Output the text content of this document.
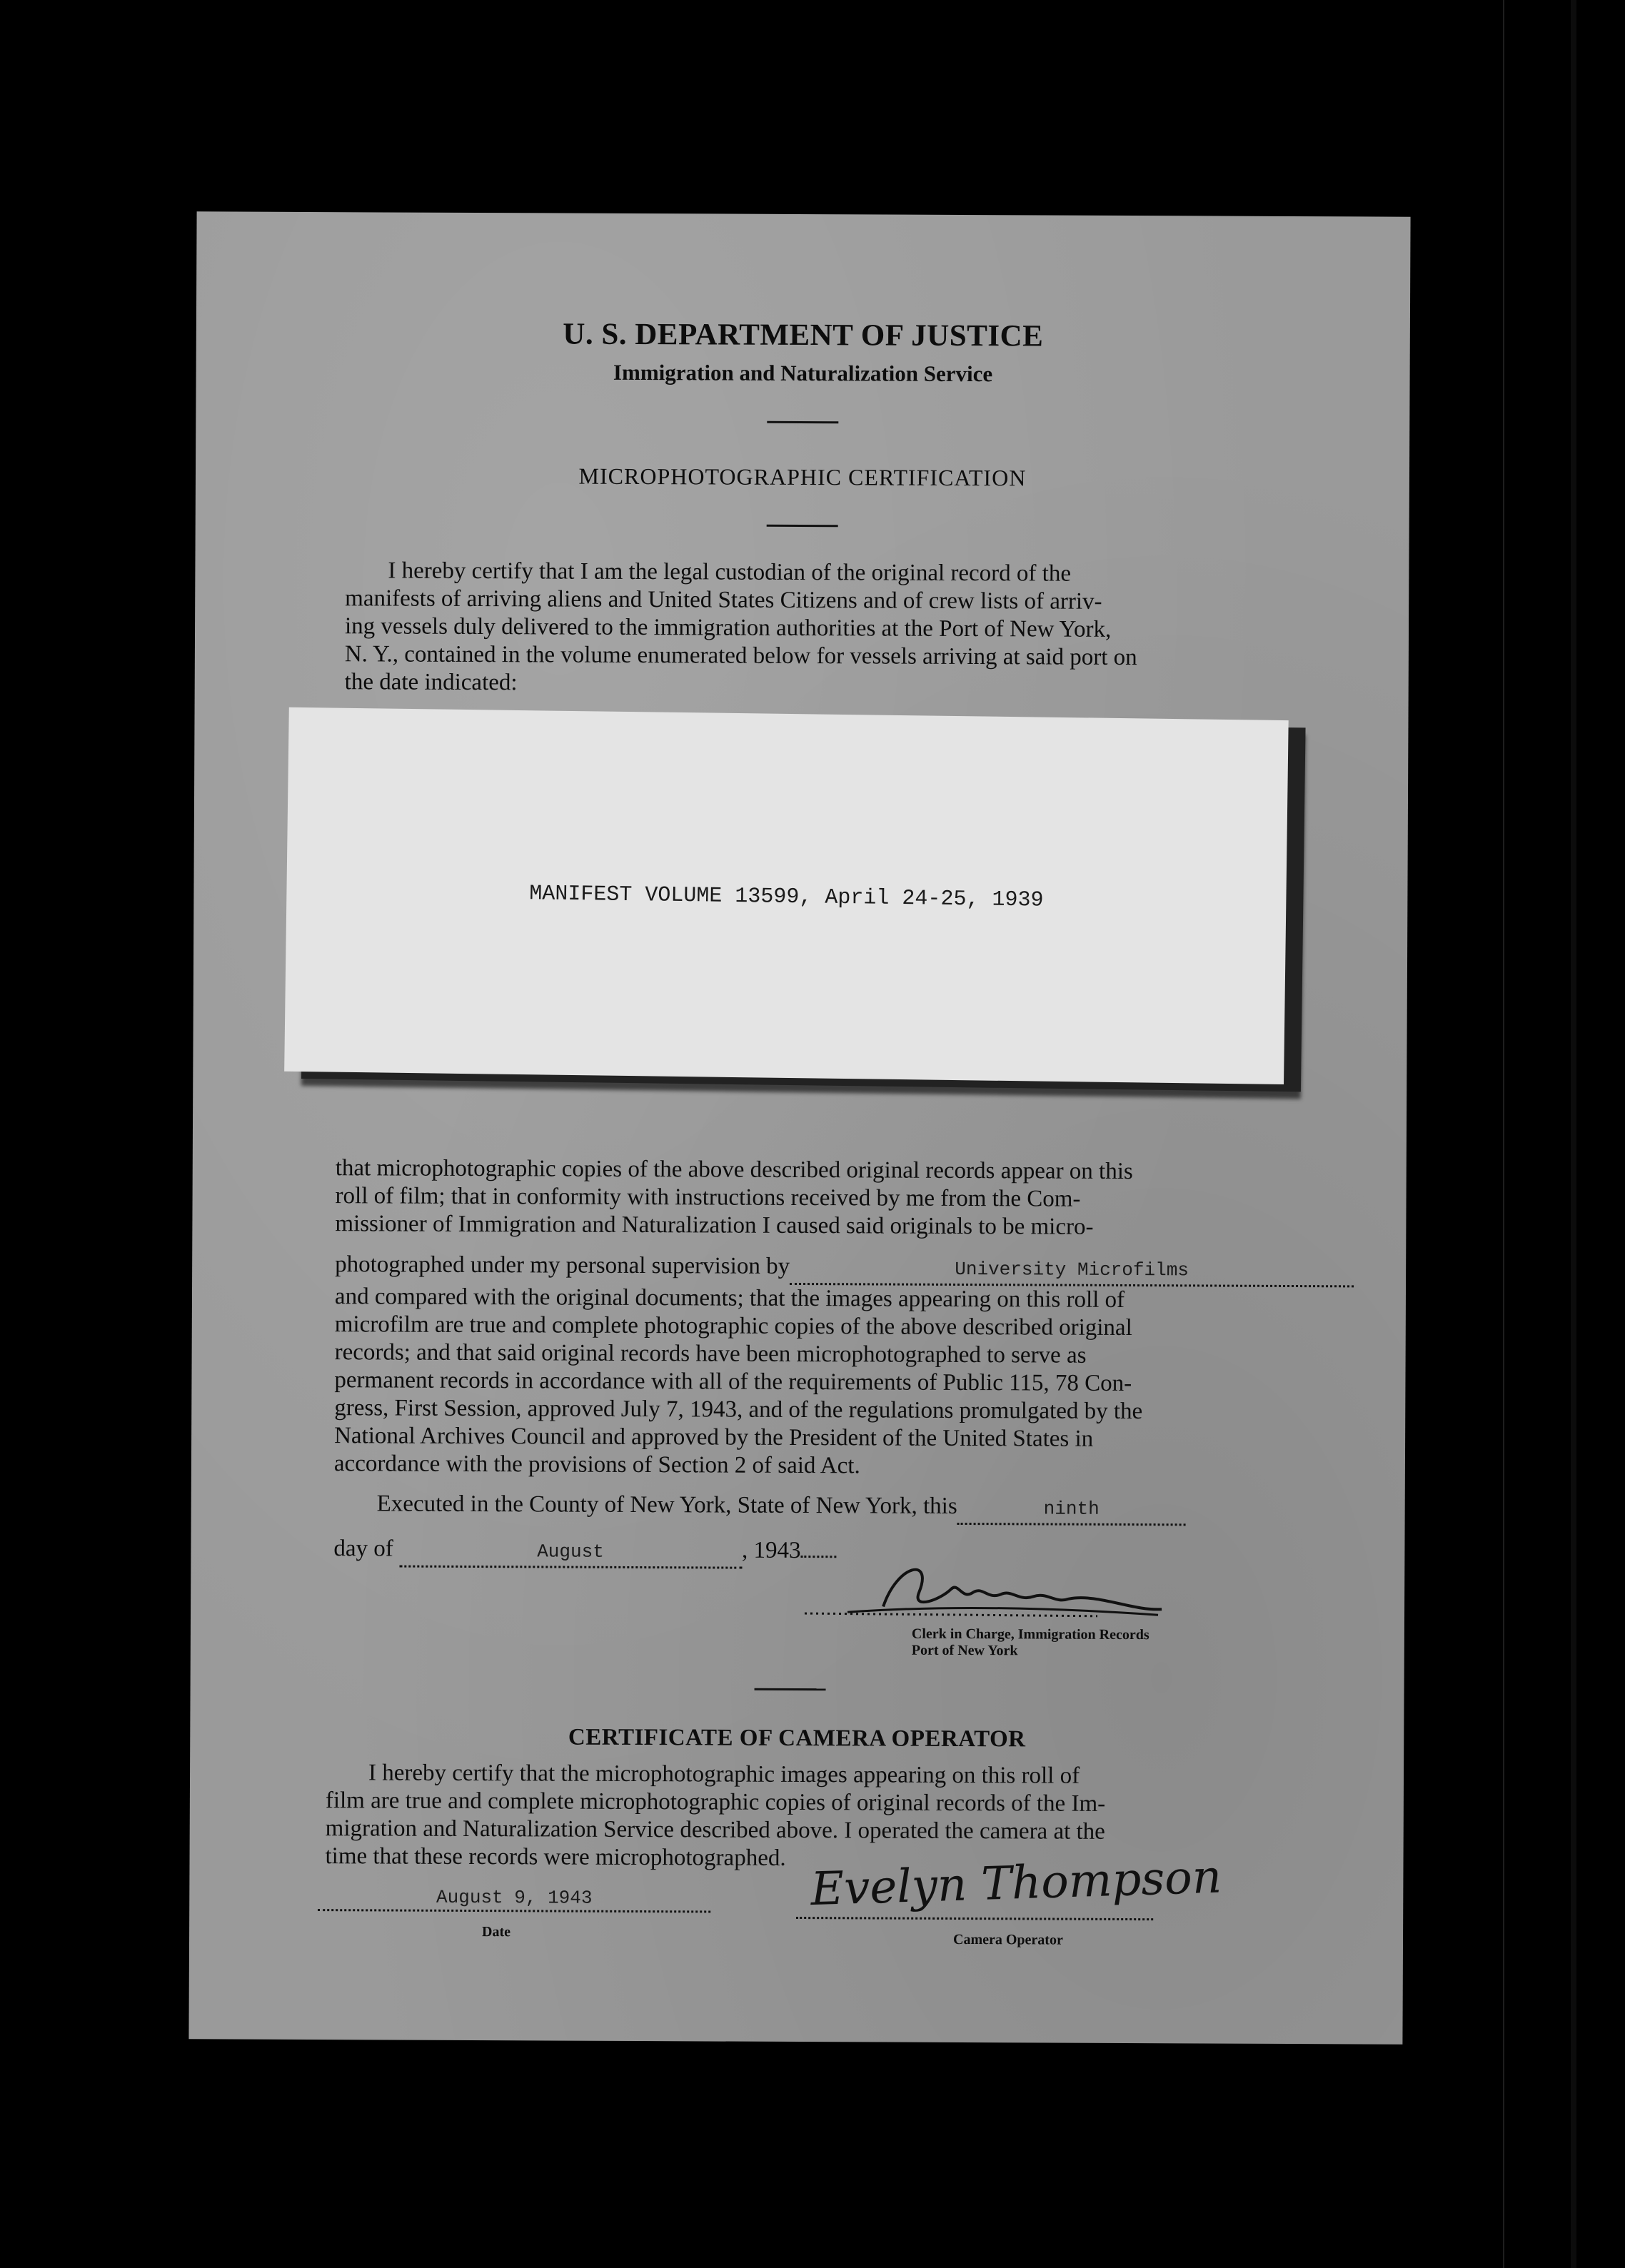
U. S. DEPARTMENT OF JUSTICE
Immigration and Naturalization Service
MICROPHOTOGRAPHIC CERTIFICATION

I hereby certify that I am the legal custodian of the original record of the

manifests of arriving aliens and United States Citizens and of crew lists of arriv-

ing vessels duly delivered to the immigration authorities at the Port of New York,

N. Y., contained in the volume enumerated below for vessels arriving at said port on

the date indicated:

MANIFEST VOLUME 13599, April 24-25, 1939

that microphotographic copies of the above described original records appear on this

roll of film; that in conformity with instructions received by me from the Com-

missioner of Immigration and Naturalization I caused said originals to be micro-

photographed under my personal supervision by	University Microfilms

and compared with the original documents; that the images appearing on this roll of

microfilm are true and complete photographic copies of the above described original

records; and that said original records have been microphotographed to serve as

permanent records in accordance with all of the requirements of Public 115, 78 Con-

gress, First Session, approved July 7, 1943, and of the regulations promulgated by the

National Archives Council and approved by the President of the United States in

accordance with the provisions of Section 2 of said Act.

Executed in the County of New York, State of New York, this	ninth
day of	August	, 1943
Clerk in Charge, Immigration Records
Port of New York
CERTIFICATE OF CAMERA OPERATOR

I hereby certify that the microphotographic images appearing on this roll of

film are true and complete microphotographic copies of original records of the Im-

migration and Naturalization Service described above. I operated the camera at the

time that these records were microphotographed.

August 9, 1943
Date
Evelyn Thompson
Camera Operator
